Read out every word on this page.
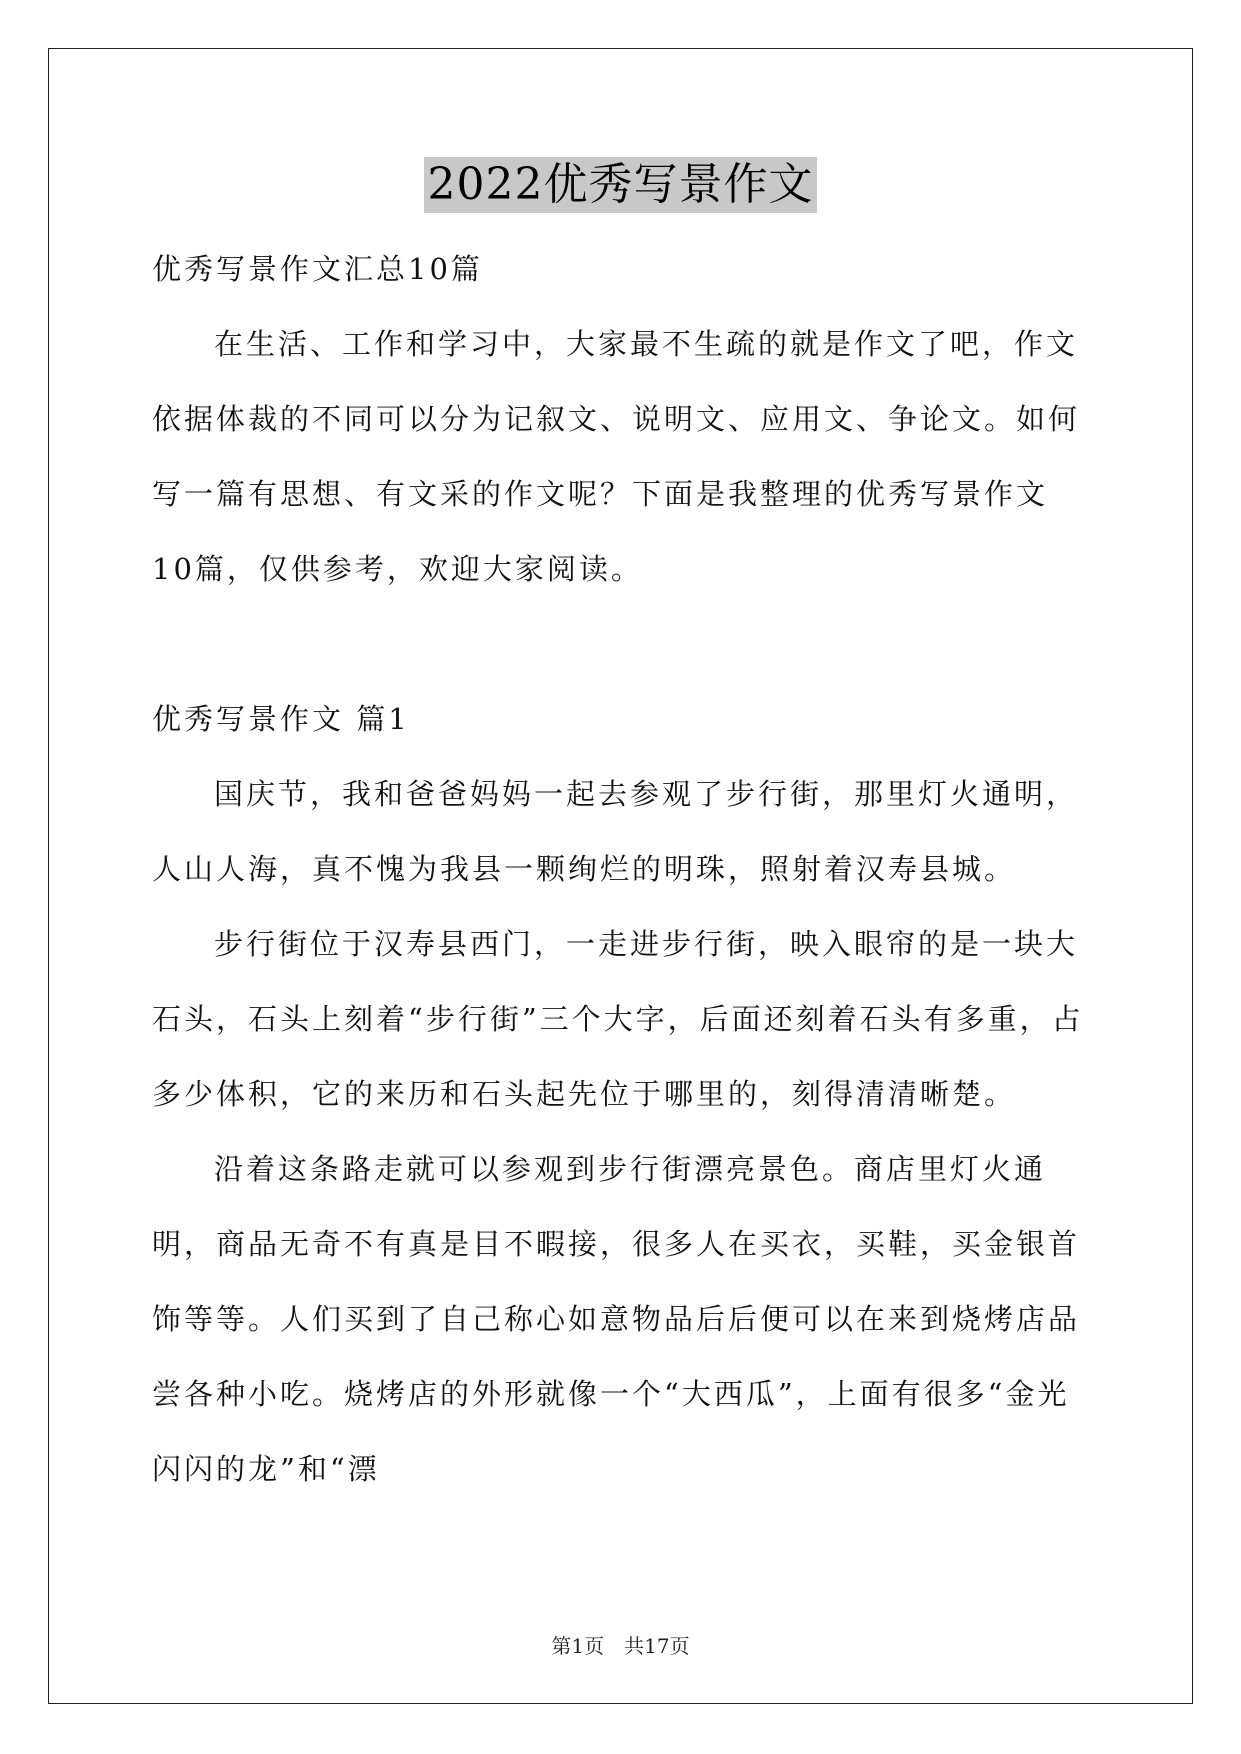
2022优秀写景作文

优秀写景作文汇总10篇

在生活、工作和学习中，大家最不生疏的就是作文了吧，作文依据体裁的不同可以分为记叙文、说明文、应用文、争论文。如何写一篇有思想、有文采的作文呢？下面是我整理的优秀写景作文10篇，仅供参考，欢迎大家阅读。

优秀写景作文 篇1

国庆节，我和爸爸妈妈一起去参观了步行街，那里灯火通明，人山人海，真不愧为我县一颗绚烂的明珠，照射着汉寿县城。

步行街位于汉寿县西门，一走进步行街，映入眼帘的是一块大石头，石头上刻着“步行街”三个大字，后面还刻着石头有多重，占多少体积，它的来历和石头起先位于哪里的，刻得清清晰楚。

沿着这条路走就可以参观到步行街漂亮景色。商店里灯火通明，商品无奇不有真是目不暇接，很多人在买衣，买鞋，买金银首饰等等。人们买到了自己称心如意物品后后便可以在来到烧烤店品尝各种小吃。烧烤店的外形就像一个“大西瓜”，上面有很多“金光闪闪的龙”和“漂

第1页 共17页
